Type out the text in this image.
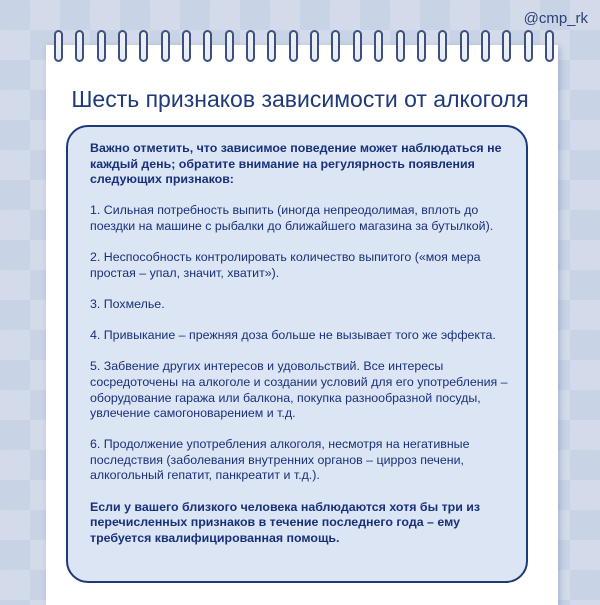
@cmp_rk
Шесть признаков зависимости от алкоголя

Важно отметить, что зависимое поведение может наблюдаться не каждый день; обратите внимание на регулярность появления следующих признаков:

1. Сильная потребность выпить (иногда непреодолимая, вплоть до поездки на машине с рыбалки до ближайшего магазина за бутылкой).

2. Неспособность контролировать количество выпитого («моя мера простая – упал, значит, хватит»).

3. Похмелье.

4. Привыкание – прежняя доза больше не вызывает того же эффекта.

5. Забвение других интересов и удовольствий. Все интересы сосредоточены на алкоголе и создании условий для его употребления – оборудование гаража или балкона, покупка разнообразной посуды, увлечение самогоноварением и т.д.

6. Продолжение употребления алкоголя, несмотря на негативные последствия (заболевания внутренних органов – цирроз печени, алкогольный гепатит, панкреатит и т.д.).

Если у вашего близкого человека наблюдаются хотя бы три из перечисленных признаков в течение последнего года – ему требуется квалифицированная помощь.
